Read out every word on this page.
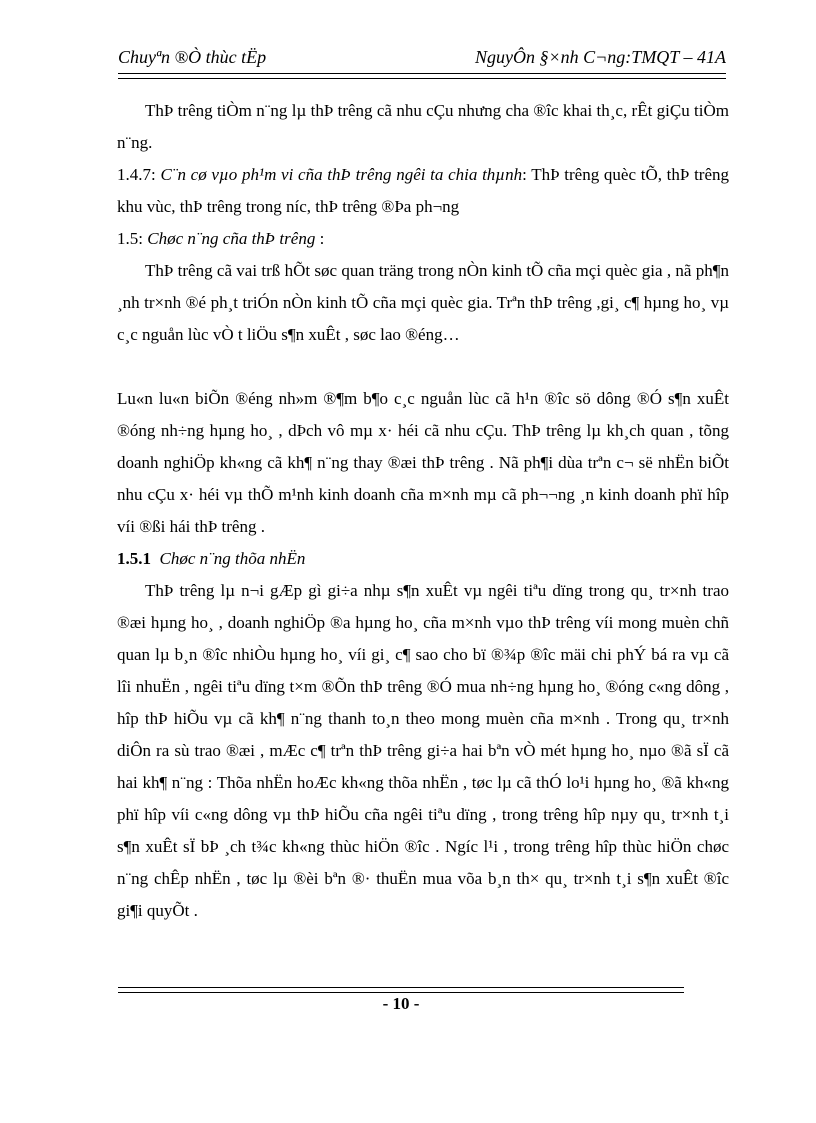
Chuyªn ®Ò thùc tËp	NguyÔn §×nh C¬ng:TMQT – 41A

ThÞ trêng tiÒm n¨ng lµ thÞ trêng cã nhu cÇu nhưng cha ®îc khai th¸c, rÊt giÇu tiÒm n¨ng.

1.4.7: C¨n cø vµo ph¹m vi cña thÞ trêng ngêi ta chia thµnh: ThÞ trêng quèc tÕ, thÞ trêng khu vùc, thÞ trêng trong níc, thÞ trêng ®Þa ph¬ng

1.5: Chøc n¨ng cña thÞ trêng :

ThÞ trêng cã vai trß hÕt søc quan träng trong nÒn kinh tÕ cña mçi quèc gia , nã ph¶n ¸nh tr×nh ®é ph¸t triÓn nÒn kinh tÕ cña mçi quèc gia. Trªn thÞ trêng ,gi¸ c¶ hµng ho¸ vµ c¸c nguån lùc vÒ t liÖu s¶n xuÊt , søc lao ®éng…

Lu«n lu«n biÕn ®éng nh»m ®¶m b¶o c¸c nguån lùc cã h¹n ®îc sö dông ®Ó s¶n xuÊt ®óng nh÷ng hµng ho¸ , dÞch vô mµ x· héi cã nhu cÇu. ThÞ trêng lµ kh¸ch quan , tõng doanh nghiÖp kh«ng cã kh¶ n¨ng thay ®æi thÞ trêng . Nã ph¶i dùa trªn c¬ së nhËn biÕt nhu cÇu x· héi vµ thÕ m¹nh kinh doanh cña m×nh mµ cã ph¬¬ng ¸n kinh doanh phï hîp víi ®ßi hái thÞ trêng .

1.5.1 Chøc n¨ng thõa nhËn

ThÞ trêng lµ n¬i gÆp gì gi÷a nhµ s¶n xuÊt vµ ngêi tiªu dïng trong qu¸ tr×nh trao ®æi hµng ho¸ , doanh nghiÖp ®a hµng ho¸ cña m×nh vµo thÞ trêng víi mong muèn chñ quan lµ b¸n ®îc nhiÒu hµng ho¸ víi gi¸ c¶ sao cho bï ®¾p ®îc mäi chi phÝ bá ra vµ cã lîi nhuËn , ngêi tiªu dïng t×m ®Õn thÞ trêng ®Ó mua nh÷ng hµng ho¸ ®óng c«ng dông , hîp thÞ hiÕu vµ cã kh¶ n¨ng thanh to¸n theo mong muèn cña m×nh . Trong qu¸ tr×nh diÔn ra sù trao ®æi , mÆc c¶ trªn thÞ trêng gi÷a hai bªn vÒ mét hµng ho¸ nµo ®ã sÏ cã hai kh¶ n¨ng : Thõa nhËn hoÆc kh«ng thõa nhËn , tøc lµ cã thÓ lo¹i hµng ho¸ ®ã kh«ng phï hîp víi c«ng dông vµ thÞ hiÕu cña ngêi tiªu dïng , trong trêng hîp nµy qu¸ tr×nh t¸i s¶n xuÊt sÏ bÞ ¸ch t¾c kh«ng thùc hiÖn ®îc . Ngíc l¹i , trong trêng hîp thùc hiÖn chøc n¨ng chÊp nhËn , tøc lµ ®èi bªn ®· thuËn mua võa b¸n th× qu¸ tr×nh t¸i s¶n xuÊt ®îc gi¶i quyÕt .

- 10 -
